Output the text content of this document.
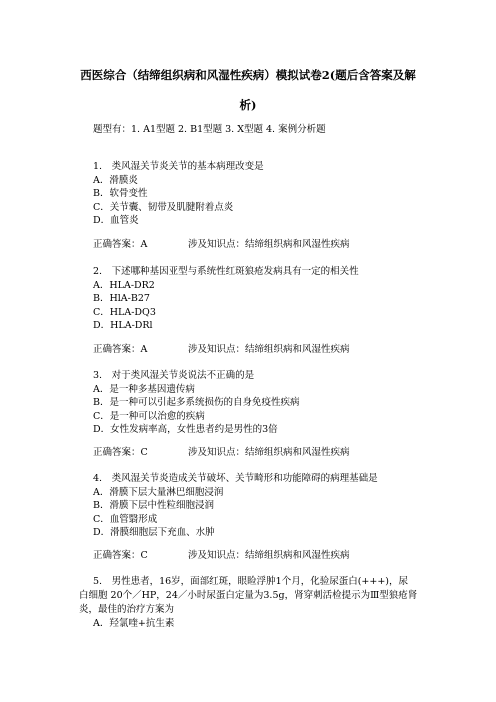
西医综合（结缔组织病和风湿性疾病）模拟试卷2(题后含答案及解
析)
题型有：1. A1型题 2. B1型题 3. X型题 4. 案例分析题
1.　类风湿关节炎关节的基本病理改变是
A．滑膜炎
B．软骨变性
C．关节囊、韧带及肌腱附着点炎
D．血管炎
正确答案：A	涉及知识点：结缔组织病和风湿性疾病
2.　下述哪种基因亚型与系统性红斑狼疮发病具有一定的相关性
A．HLA-DR2
B．HlA-B27
C．HLA-DQ3
D．HLA-DRl
正确答案：A	涉及知识点：结缔组织病和风湿性疾病
3.　对于类风湿关节炎说法不正确的是
A．是一种多基因遗传病
B．是一种可以引起多系统损伤的自身免疫性疾病
C．是一种可以治愈的疾病
D．女性发病率高，女性患者约是男性的3倍
正确答案：C	涉及知识点：结缔组织病和风湿性疾病
4.　类风湿关节炎造成关节破坏、关节畸形和功能障碍的病理基础是
A．滑膜下层大量淋巴细胞浸润
B．滑膜下层中性粒细胞浸润
C．血管翳形成
D．滑膜细胞层下充血、水肿
正确答案：C	涉及知识点：结缔组织病和风湿性疾病
5.　男性患者，16岁，面部红斑，眼睑浮肿1个月，化验尿蛋白(+++)，尿
白细胞 20个／HP，24／小时尿蛋白定量为3.5g，肾穿刺活检提示为Ⅲ型狼疮肾
炎，最佳的治疗方案为
A．羟氯喹+抗生素
